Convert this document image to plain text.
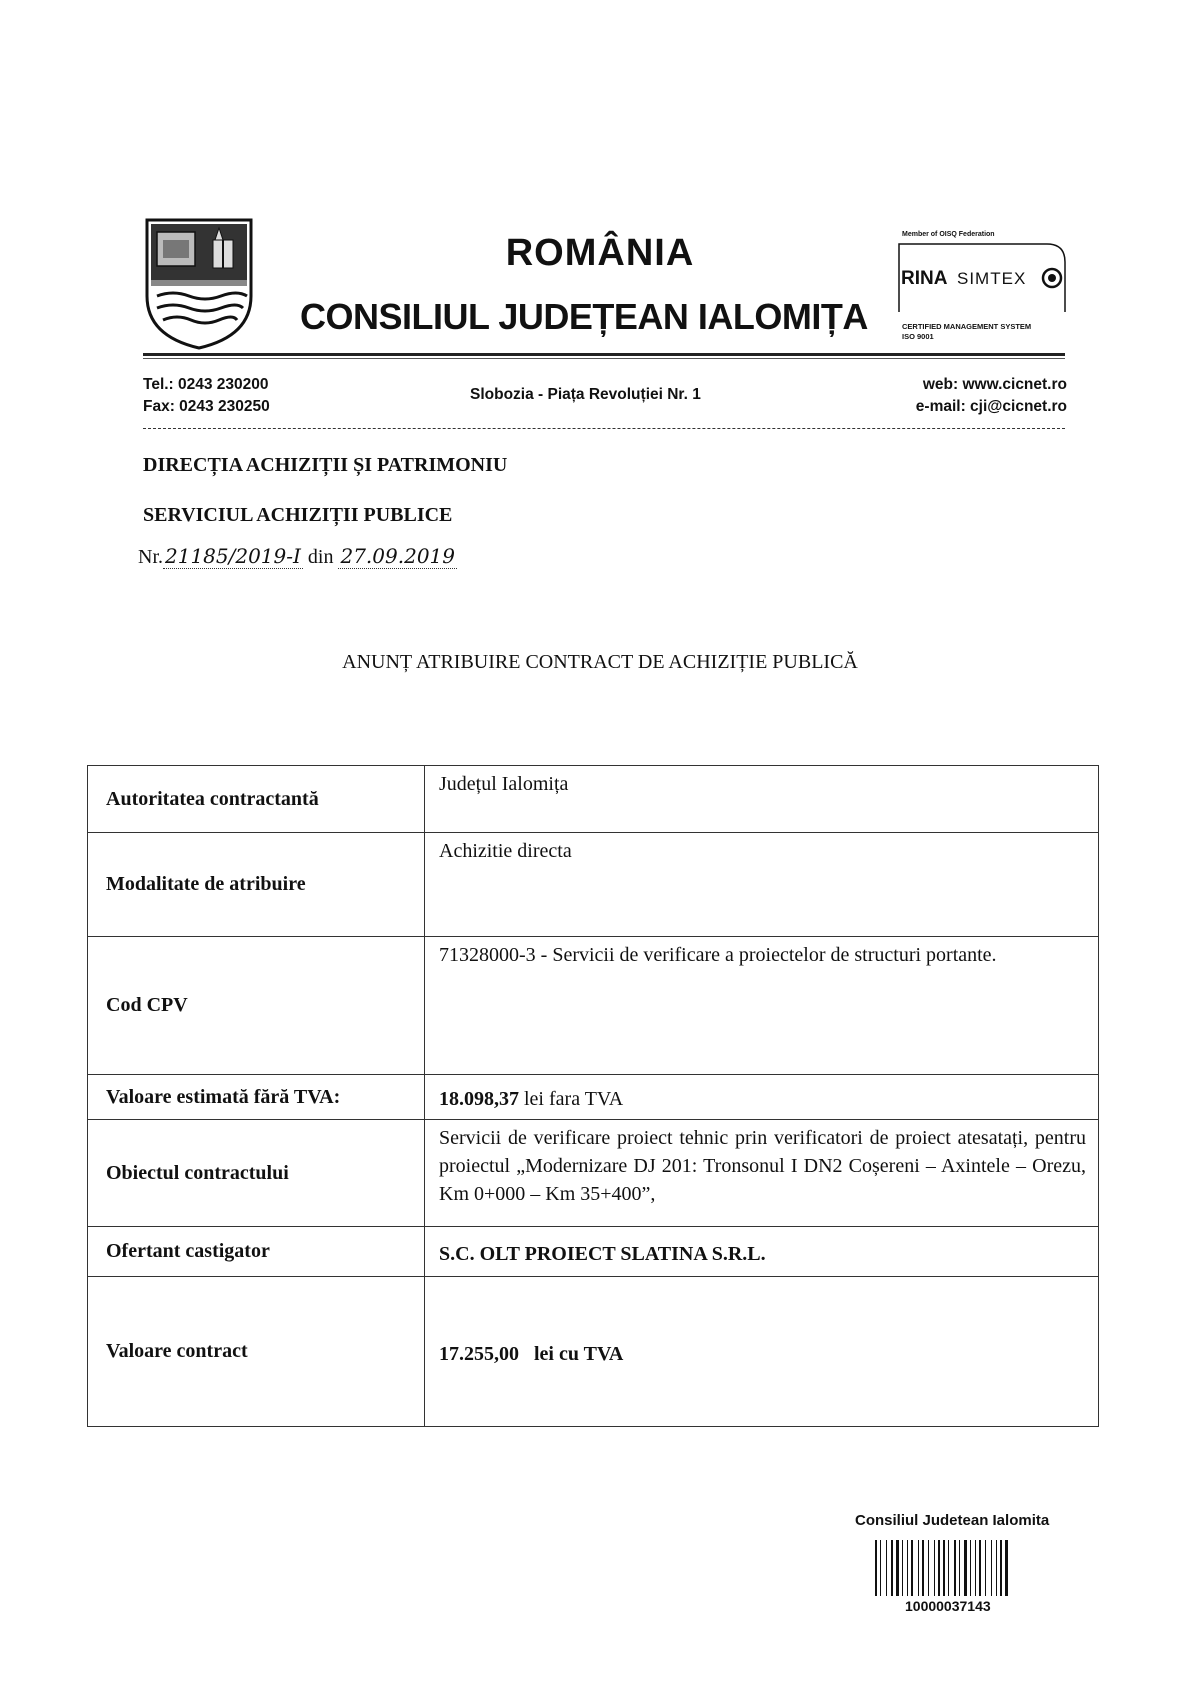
ROMÂNIA
CONSILIUL JUDEȚEAN IALOMIȚA
Member of OISQ Federation
RINA SIMTEX
CERTIFIED MANAGEMENT SYSTEM
ISO 9001
Tel.: 0243 230200
Fax: 0243 230250
Slobozia - Piața Revoluției Nr. 1
web: www.cicnet.ro
e-mail: cji@cicnet.ro
DIRECȚIA ACHIZIȚII ȘI PATRIMONIU
SERVICIUL ACHIZIȚII PUBLICE
Nr. 21185/2019-I din 27.09.2019
ANUNȚ ATRIBUIRE CONTRACT DE ACHIZIȚIE PUBLICĂ
Autoritatea contractantă	Județul Ialomița
Modalitate de atribuire	Achizitie directa
Cod CPV	71328000-3 - Servicii de verificare a proiectelor de structuri portante.
Valoare estimată fără TVA:	18.098,37 lei fara TVA
Obiectul contractului	Servicii de verificare proiect tehnic prin verificatori de proiect atesatați, pentru proiectul „Modernizare DJ 201: Tronsonul I DN2 Coșereni – Axintele – Orezu, Km 0+000 – Km 35+400”,
Ofertant castigator	S.C. OLT PROIECT SLATINA S.R.L.
Valoare contract	17.255,00 lei cu TVA
Consiliul Judetean Ialomita
10000037143
